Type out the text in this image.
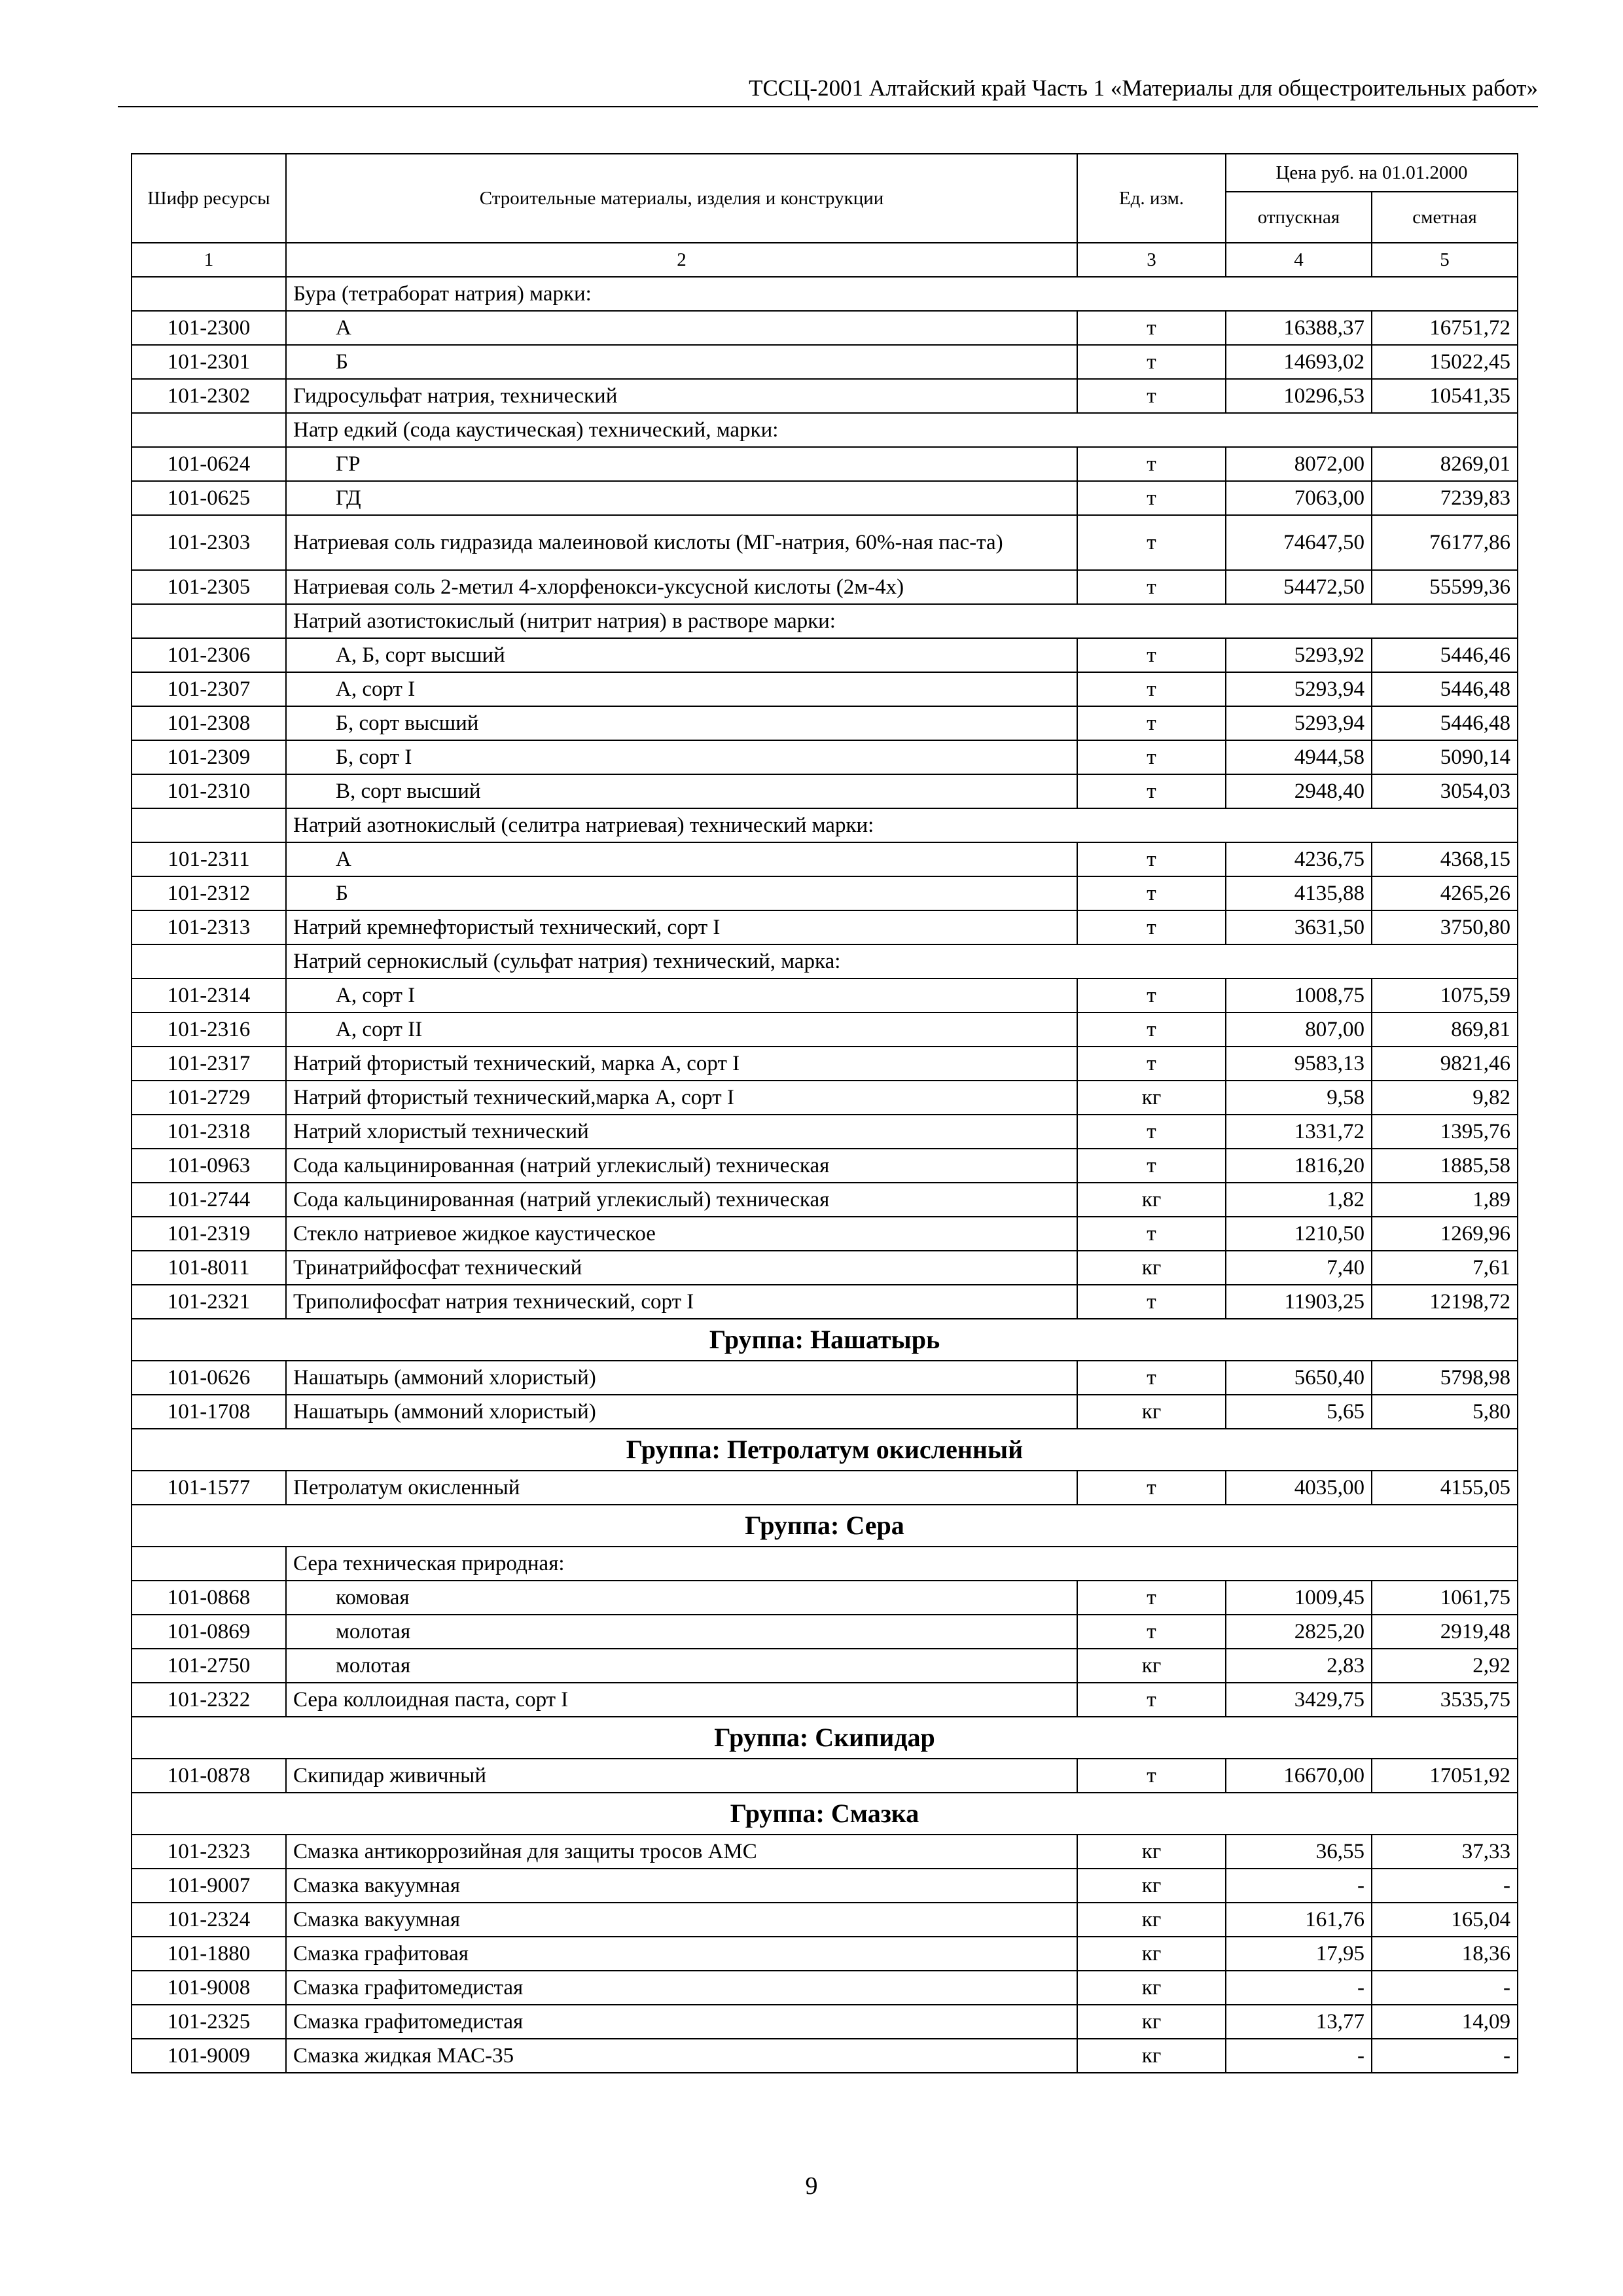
ТССЦ-2001 Алтайский край Часть 1 «Материалы для общестроительных работ»
Шифр ресурсы	Строительные материалы, изделия и конструкции	Ед. изм.	Цена руб. на 01.01.2000	
			отпускная	сметная
1	2	3	4	5
	Бура (тетраборат натрия) марки:			
101-2300	А	т	16388,37	16751,72
101-2301	Б	т	14693,02	15022,45
101-2302	Гидросульфат натрия, технический	т	10296,53	10541,35
	Натр едкий (сода каустическая) технический, марки:			
101-0624	ГР	т	8072,00	8269,01
101-0625	ГД	т	7063,00	7239,83
101-2303	Натриевая соль гидразида малеиновой кислоты (МГ-натрия, 60%-ная пас-та)	т	74647,50	76177,86
101-2305	Натриевая соль 2-метил 4-хлорфенокси-уксусной кислоты (2м-4х)	т	54472,50	55599,36
	Натрий азотистокислый (нитрит натрия) в растворе марки:			
101-2306	А, Б, сорт высший	т	5293,92	5446,46
101-2307	А, сорт I	т	5293,94	5446,48
101-2308	Б, сорт высший	т	5293,94	5446,48
101-2309	Б, сорт I	т	4944,58	5090,14
101-2310	В, сорт высший	т	2948,40	3054,03
	Натрий азотнокислый (селитра натриевая) технический марки:			
101-2311	А	т	4236,75	4368,15
101-2312	Б	т	4135,88	4265,26
101-2313	Натрий кремнефтористый технический, сорт I	т	3631,50	3750,80
	Натрий сернокислый (сульфат натрия) технический, марка:			
101-2314	А, сорт I	т	1008,75	1075,59
101-2316	А, сорт II	т	807,00	869,81
101-2317	Натрий фтористый технический, марка А, сорт I	т	9583,13	9821,46
101-2729	Натрий фтористый технический,марка А, сорт I	кг	9,58	9,82
101-2318	Натрий хлористый технический	т	1331,72	1395,76
101-0963	Сода кальцинированная (натрий углекислый) техническая	т	1816,20	1885,58
101-2744	Сода кальцинированная (натрий углекислый) техническая	кг	1,82	1,89
101-2319	Стекло натриевое жидкое каустическое	т	1210,50	1269,96
101-8011	Тринатрийфосфат технический	кг	7,40	7,61
101-2321	Триполифосфат натрия технический, сорт I	т	11903,25	12198,72
Группа: Нашатырь				
101-0626	Нашатырь (аммоний хлористый)	т	5650,40	5798,98
101-1708	Нашатырь (аммоний хлористый)	кг	5,65	5,80
Группа: Петролатум окисленный				
101-1577	Петролатум окисленный	т	4035,00	4155,05
Группа: Сера				
	Сера техническая природная:			
101-0868	комовая	т	1009,45	1061,75
101-0869	молотая	т	2825,20	2919,48
101-2750	молотая	кг	2,83	2,92
101-2322	Сера коллоидная паста, сорт I	т	3429,75	3535,75
Группа: Скипидар				
101-0878	Скипидар живичный	т	16670,00	17051,92
Группа: Смазка				
101-2323	Смазка антикоррозийная для защиты тросов АМС	кг	36,55	37,33
101-9007	Смазка вакуумная	кг	-	-
101-2324	Смазка вакуумная	кг	161,76	165,04
101-1880	Смазка графитовая	кг	17,95	18,36
101-9008	Смазка графитомедистая	кг	-	-
101-2325	Смазка графитомедистая	кг	13,77	14,09
101-9009	Смазка жидкая МАС-35	кг	-	-
9
